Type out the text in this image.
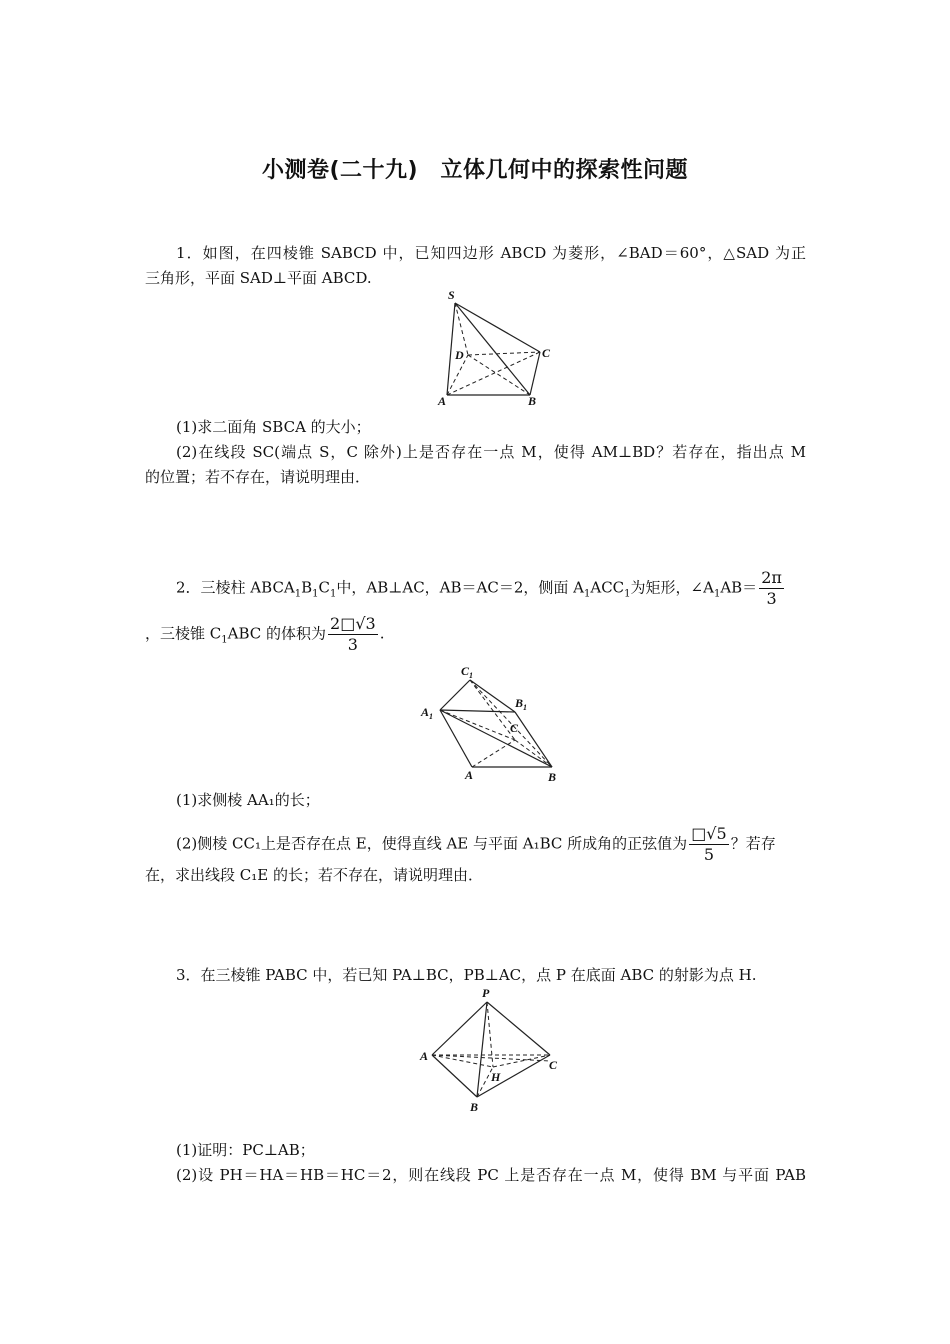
小测卷(二十九)　立体几何中的探索性问题
1．如图，在四棱锥 SABCD 中，已知四边形 ABCD 为菱形，∠BAD＝60°，△SAD 为正
三角形，平面 SAD⊥平面 ABCD.
S
D	C
A	B
(1)求二面角 SBCA 的大小；
(2)在线段 SC(端点 S，C 除外)上是否存在一点 M，使得 AM⊥BD？若存在，指出点 M
的位置；若不存在，请说明理由．
2．三棱柱 $ABCA_1B_1C_1$中，AB⊥AC，AB＝AC＝2，侧面 $A_1ACC_1$为矩形，$\angle A_1AB= \frac{2\pi}{3}$
，三棱锥 $C_1ABC$ 的体积为 $\frac{2□√3}{3}$ .
$C_1$
$B_1$
$A_1$
C
A	B
(1)求侧棱 AA₁的长；
(2)侧棱 CC₁上是否存在点 E，使得直线 AE 与平面 A₁BC 所成角的正弦值为 $\frac{□√5}{5}$ ？若存
在，求出线段 C₁E 的长；若不存在，请说明理由．
3．在三棱锥 PABC 中，若已知 PA⊥BC，PB⊥AC，点 P 在底面 ABC 的射影为点 H.
P
A
C
H
B
(1)证明：PC⊥AB；
(2)设 PH＝HA＝HB＝HC＝2，则在线段 PC 上是否存在一点 M，使得 BM 与平面 PAB
